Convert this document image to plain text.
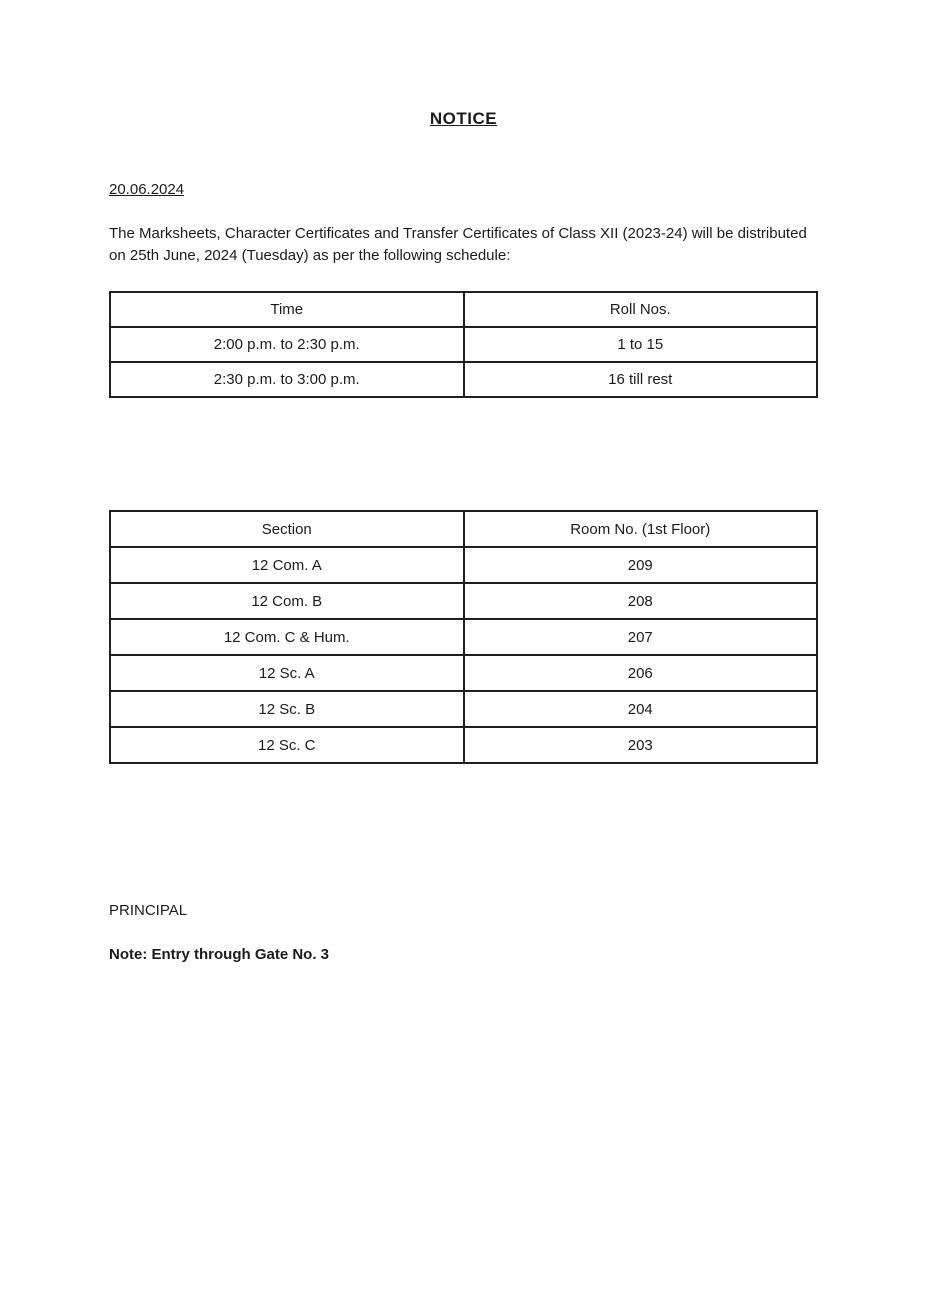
NOTICE
20.06.2024

The Marksheets, Character Certificates and Transfer Certificates of Class XII (2023-24) will be distributed on 25th June, 2024 (Tuesday) as per the following schedule:

Time	Roll Nos.
2:00 p.m. to 2:30 p.m.	1 to 15
2:30 p.m. to 3:00 p.m.	16 till rest
Section	Room No. (1st Floor)
12 Com. A	209
12 Com. B	208
12 Com. C & Hum.	207
12 Sc. A	206
12 Sc. B	204
12 Sc. C	203
PRINCIPAL
Note: Entry through Gate No. 3
